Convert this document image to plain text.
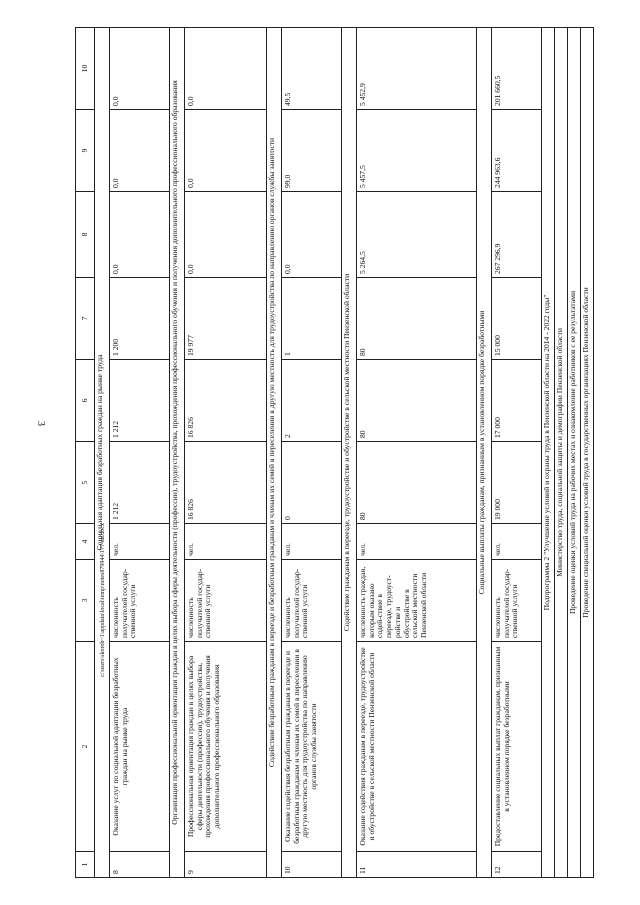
3
1	2	3	4	5	6	7	8	9	10
Социальная адаптация безработных граждан на рынке труда									
8	Оказание услуг по социальной адаптации безработных граждан на рынке труда	численность получателей государ-ственной услуги	чел.	1 212	1 212	1 200	0,0	0,0	0,0
Организация профессиональной ориентации граждан в целях выбора сферы деятельности (профессии), трудоустройства, прохождения профессионального обучения и получения дополнительного профессионального образования									
9	Профессиональная ориентация граждан в целях выбора сферы деятельности (профессии), трудоустройства, прохождения профессионального обучения и получения дополнительного профессионального образования	численность получателей государ-ственной услуги	чел.	16 826	16 826	19 977	0,0	0,0	0,0
Содействие безработным гражданам в переезде и безработным гражданам и членам их семей в переселении в другую местность для трудоустройства по направлению органов службы занятости									
10	Оказание содействия безработным гражданам в переезде и безработным гражданам и членам их семей в переселении в другую местность для трудоустройства по направлению органов службы занятости	численность получателей государ-ственной услуги	чел.	0	2	1	0,0	99,0	49,5
Содействие гражданам в переезде, трудоустройстве и обустройстве в сельской местности Пензенской области									
11	Оказание содействия гражданам в переезде, трудоустройстве и обустройстве в сельской местности Пензенской области	численность граждан, которым оказано содей-ствие в переезде, трудоуст-ройстве и обустройстве в сельской местности Пензенской области	чел.	80	80	80	5 264,5	5 457,5	5 452,9
Социальные выплаты гражданам, признанным в установленном порядке безработными									
12	Предоставление социальных выплат гражданам, признанным в установленном порядке безработными	численность получателей государ-ственной услуги	чел.	19 000	17 000	15 000	267 296,9	244 963,6	201 660,5
Подпрограмма 2 "Улучшение условий и охраны труда в Пензенской области на 2014 - 2022 годы"									
Министерство труда, социальной защиты и демографии Пензенской области									
Проведение оценки условий труда на рабочих местах и ознакомление работников с ее результатами									
Проведение специальной оценки условий труда в государственных организациях Пензенской области									
c:\users\skorob~1\appdata\local\temp\notes879944\177-an.docx
